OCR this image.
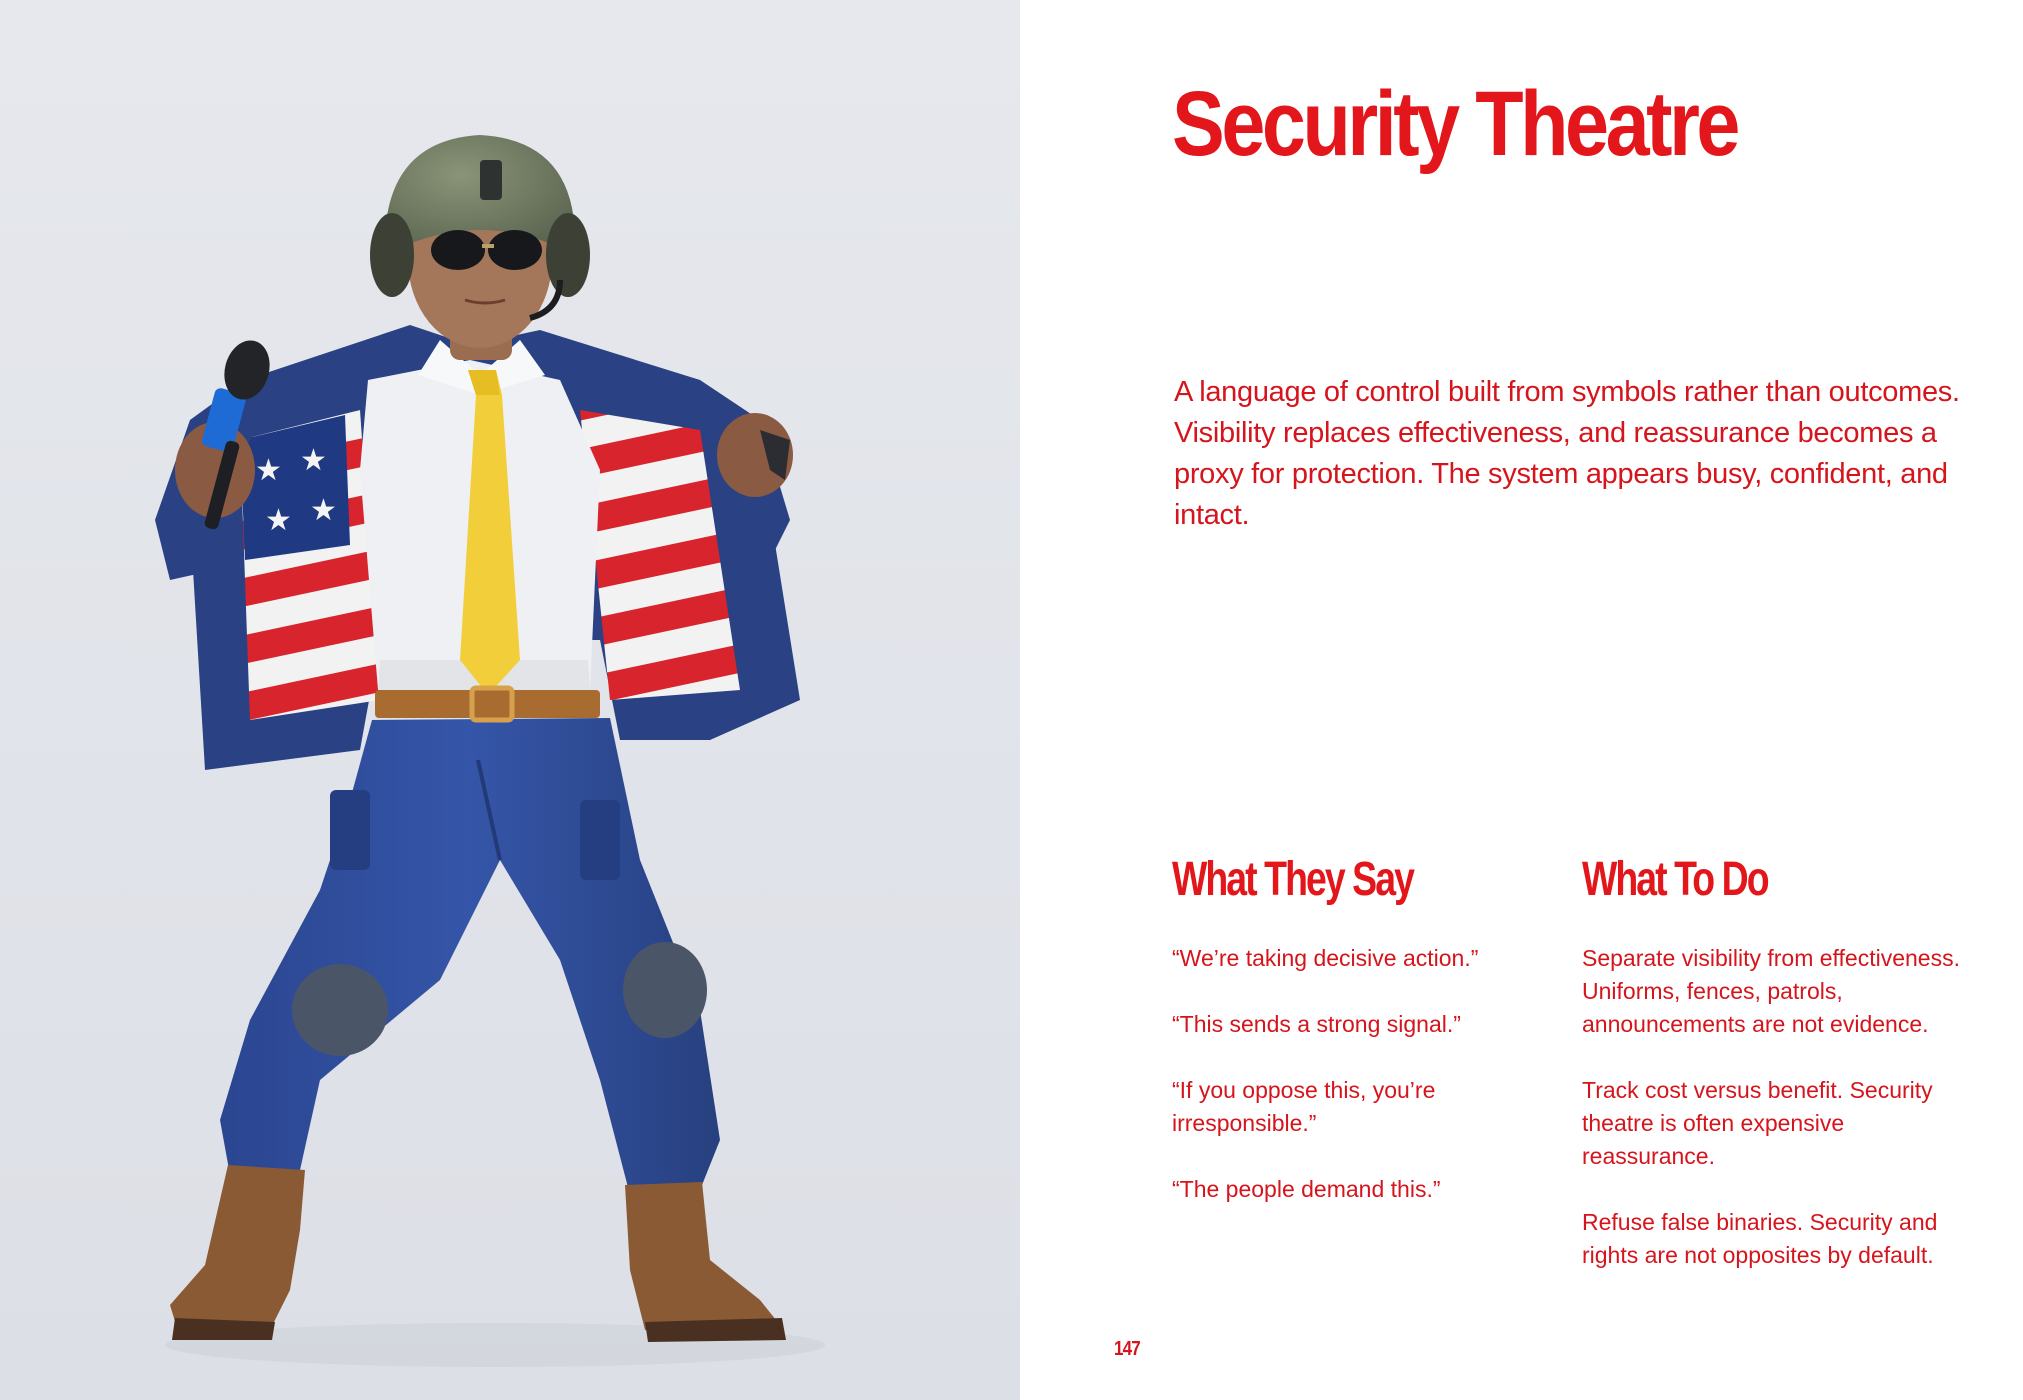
★ ★
★ ★
Security Theatre

A language of control built from symbols rather than outcomes. Visibility replaces effectiveness, and reassurance becomes a proxy for protection. The system appears busy, confident, and intact.

What They Say	What To Do
“We’re taking decisive action.”
“This sends a strong signal.”
“If you oppose this, you’re irresponsible.”
“The people demand this.”
Separate visibility from effectiveness. Uniforms, fences, patrols, announcements are not evidence.
Track cost versus benefit. Security theatre is often expensive reassurance.
Refuse false binaries. Security and rights are not opposites by default.
147
